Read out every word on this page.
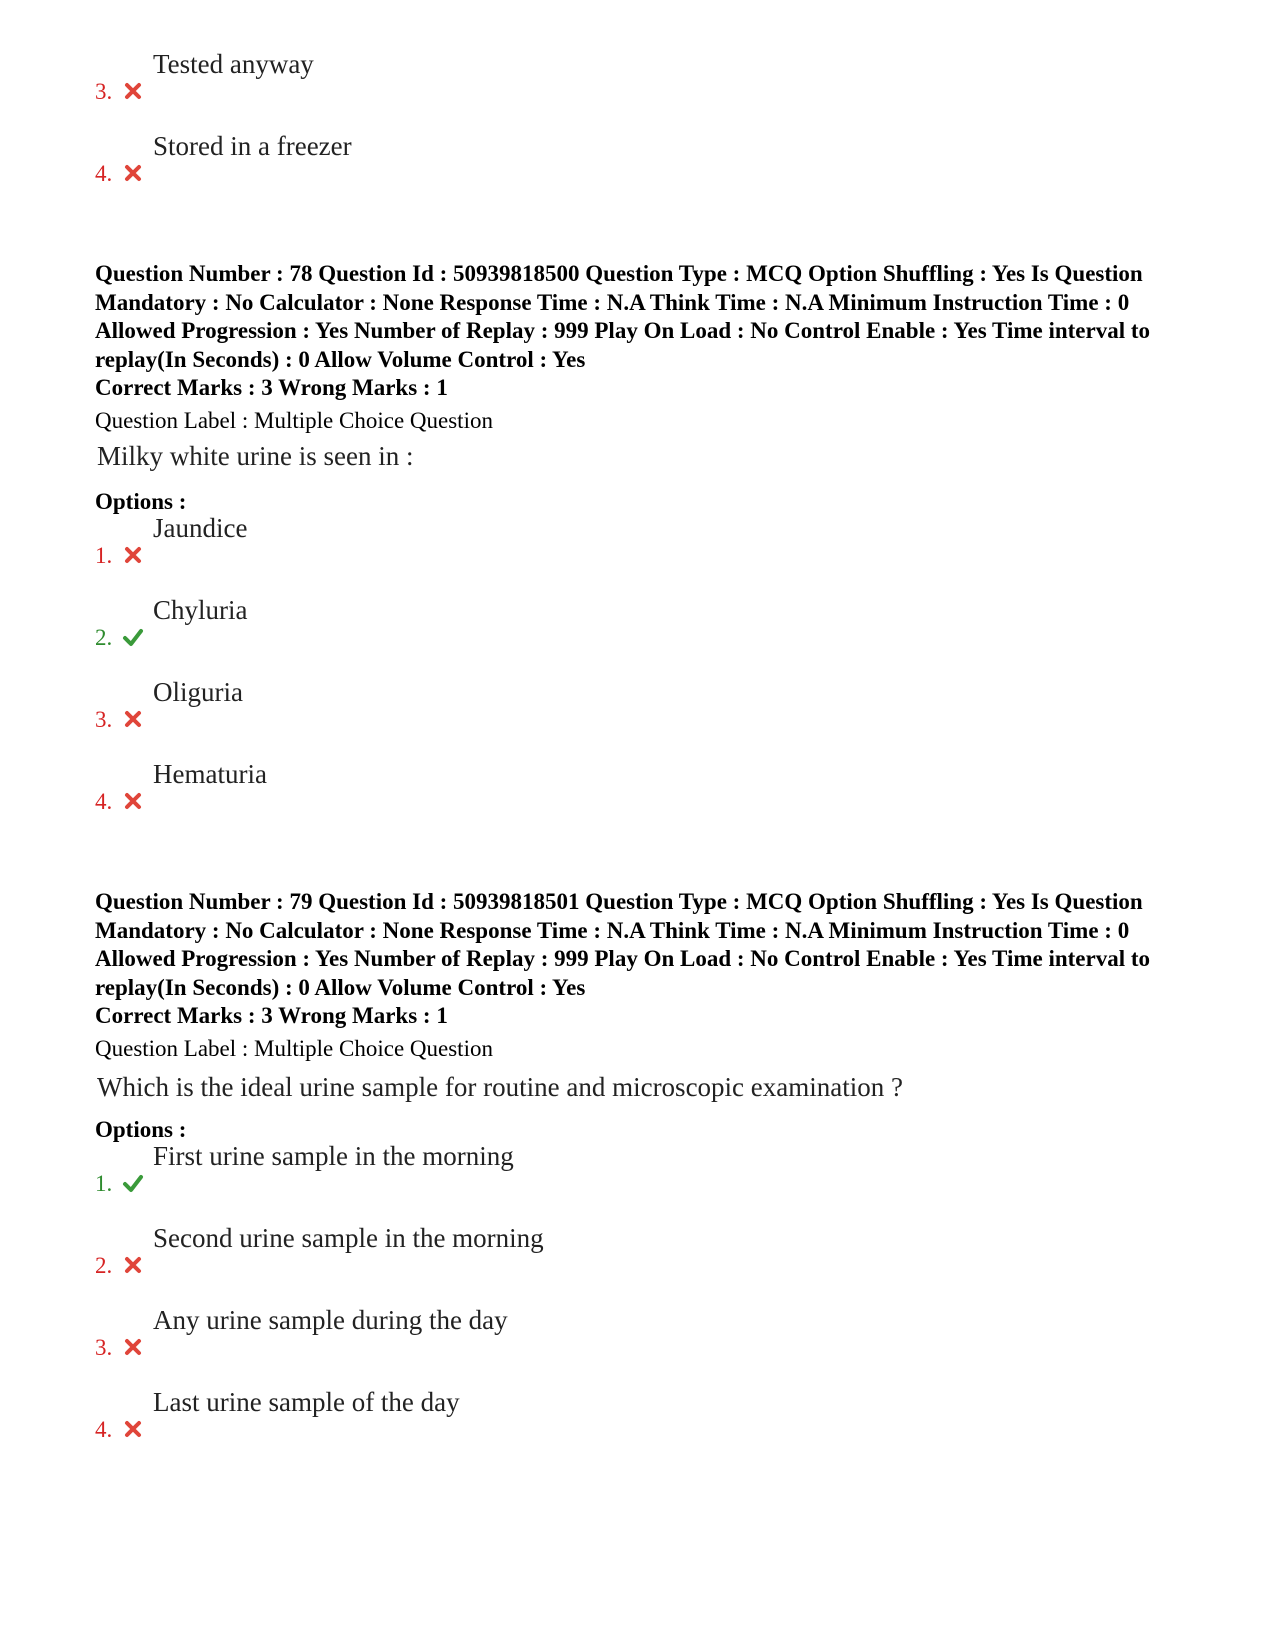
3.
Tested anyway
4.
Stored in a freezer
Question Number : 78 Question Id : 50939818500 Question Type : MCQ Option Shuffling : Yes Is Question Mandatory : No Calculator : None Response Time : N.A Think Time : N.A Minimum Instruction Time : 0 Allowed Progression : Yes Number of Replay : 999 Play On Load : No Control Enable : Yes Time interval to replay(In Seconds) : 0 Allow Volume Control : Yes
Correct Marks : 3 Wrong Marks : 1
Question Label : Multiple Choice Question
Milky white urine is seen in :
Options :
1.
Jaundice
2.
Chyluria
3.
Oliguria
4.
Hematuria
Question Number : 79 Question Id : 50939818501 Question Type : MCQ Option Shuffling : Yes Is Question Mandatory : No Calculator : None Response Time : N.A Think Time : N.A Minimum Instruction Time : 0 Allowed Progression : Yes Number of Replay : 999 Play On Load : No Control Enable : Yes Time interval to replay(In Seconds) : 0 Allow Volume Control : Yes
Correct Marks : 3 Wrong Marks : 1
Question Label : Multiple Choice Question
Which is the ideal urine sample for routine and microscopic examination ?
Options :
1.
First urine sample in the morning
2.
Second urine sample in the morning
3.
Any urine sample during the day
4.
Last urine sample of the day
